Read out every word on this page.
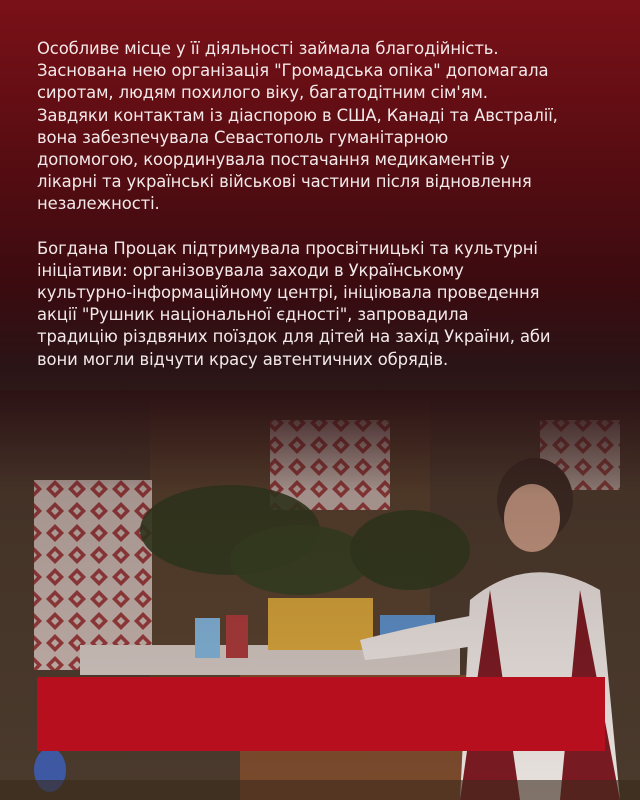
Особливе місце у її діяльності займала благодійність.
Заснована нею організація "Громадська опіка" допомагала
сиротам, людям похилого віку, багатодітним сім'ям.
Завдяки контактам із діаспорою в США, Канаді та Австралії,
вона забезпечувала Севастополь гуманітарною
допомогою, координувала постачання медикаментів у
лікарні та українські військові частини після відновлення
незалежності.

Богдана Процак підтримувала просвітницькі та культурні
ініціативи: організовувала заходи в Українському
культурно-інформаційному центрі, ініціювала проведення
акції "Рушник національної єдності", запровадила
традицію різдвяних поїздок для дітей на захід України, аби
вони могли відчути красу автентичних обрядів.
